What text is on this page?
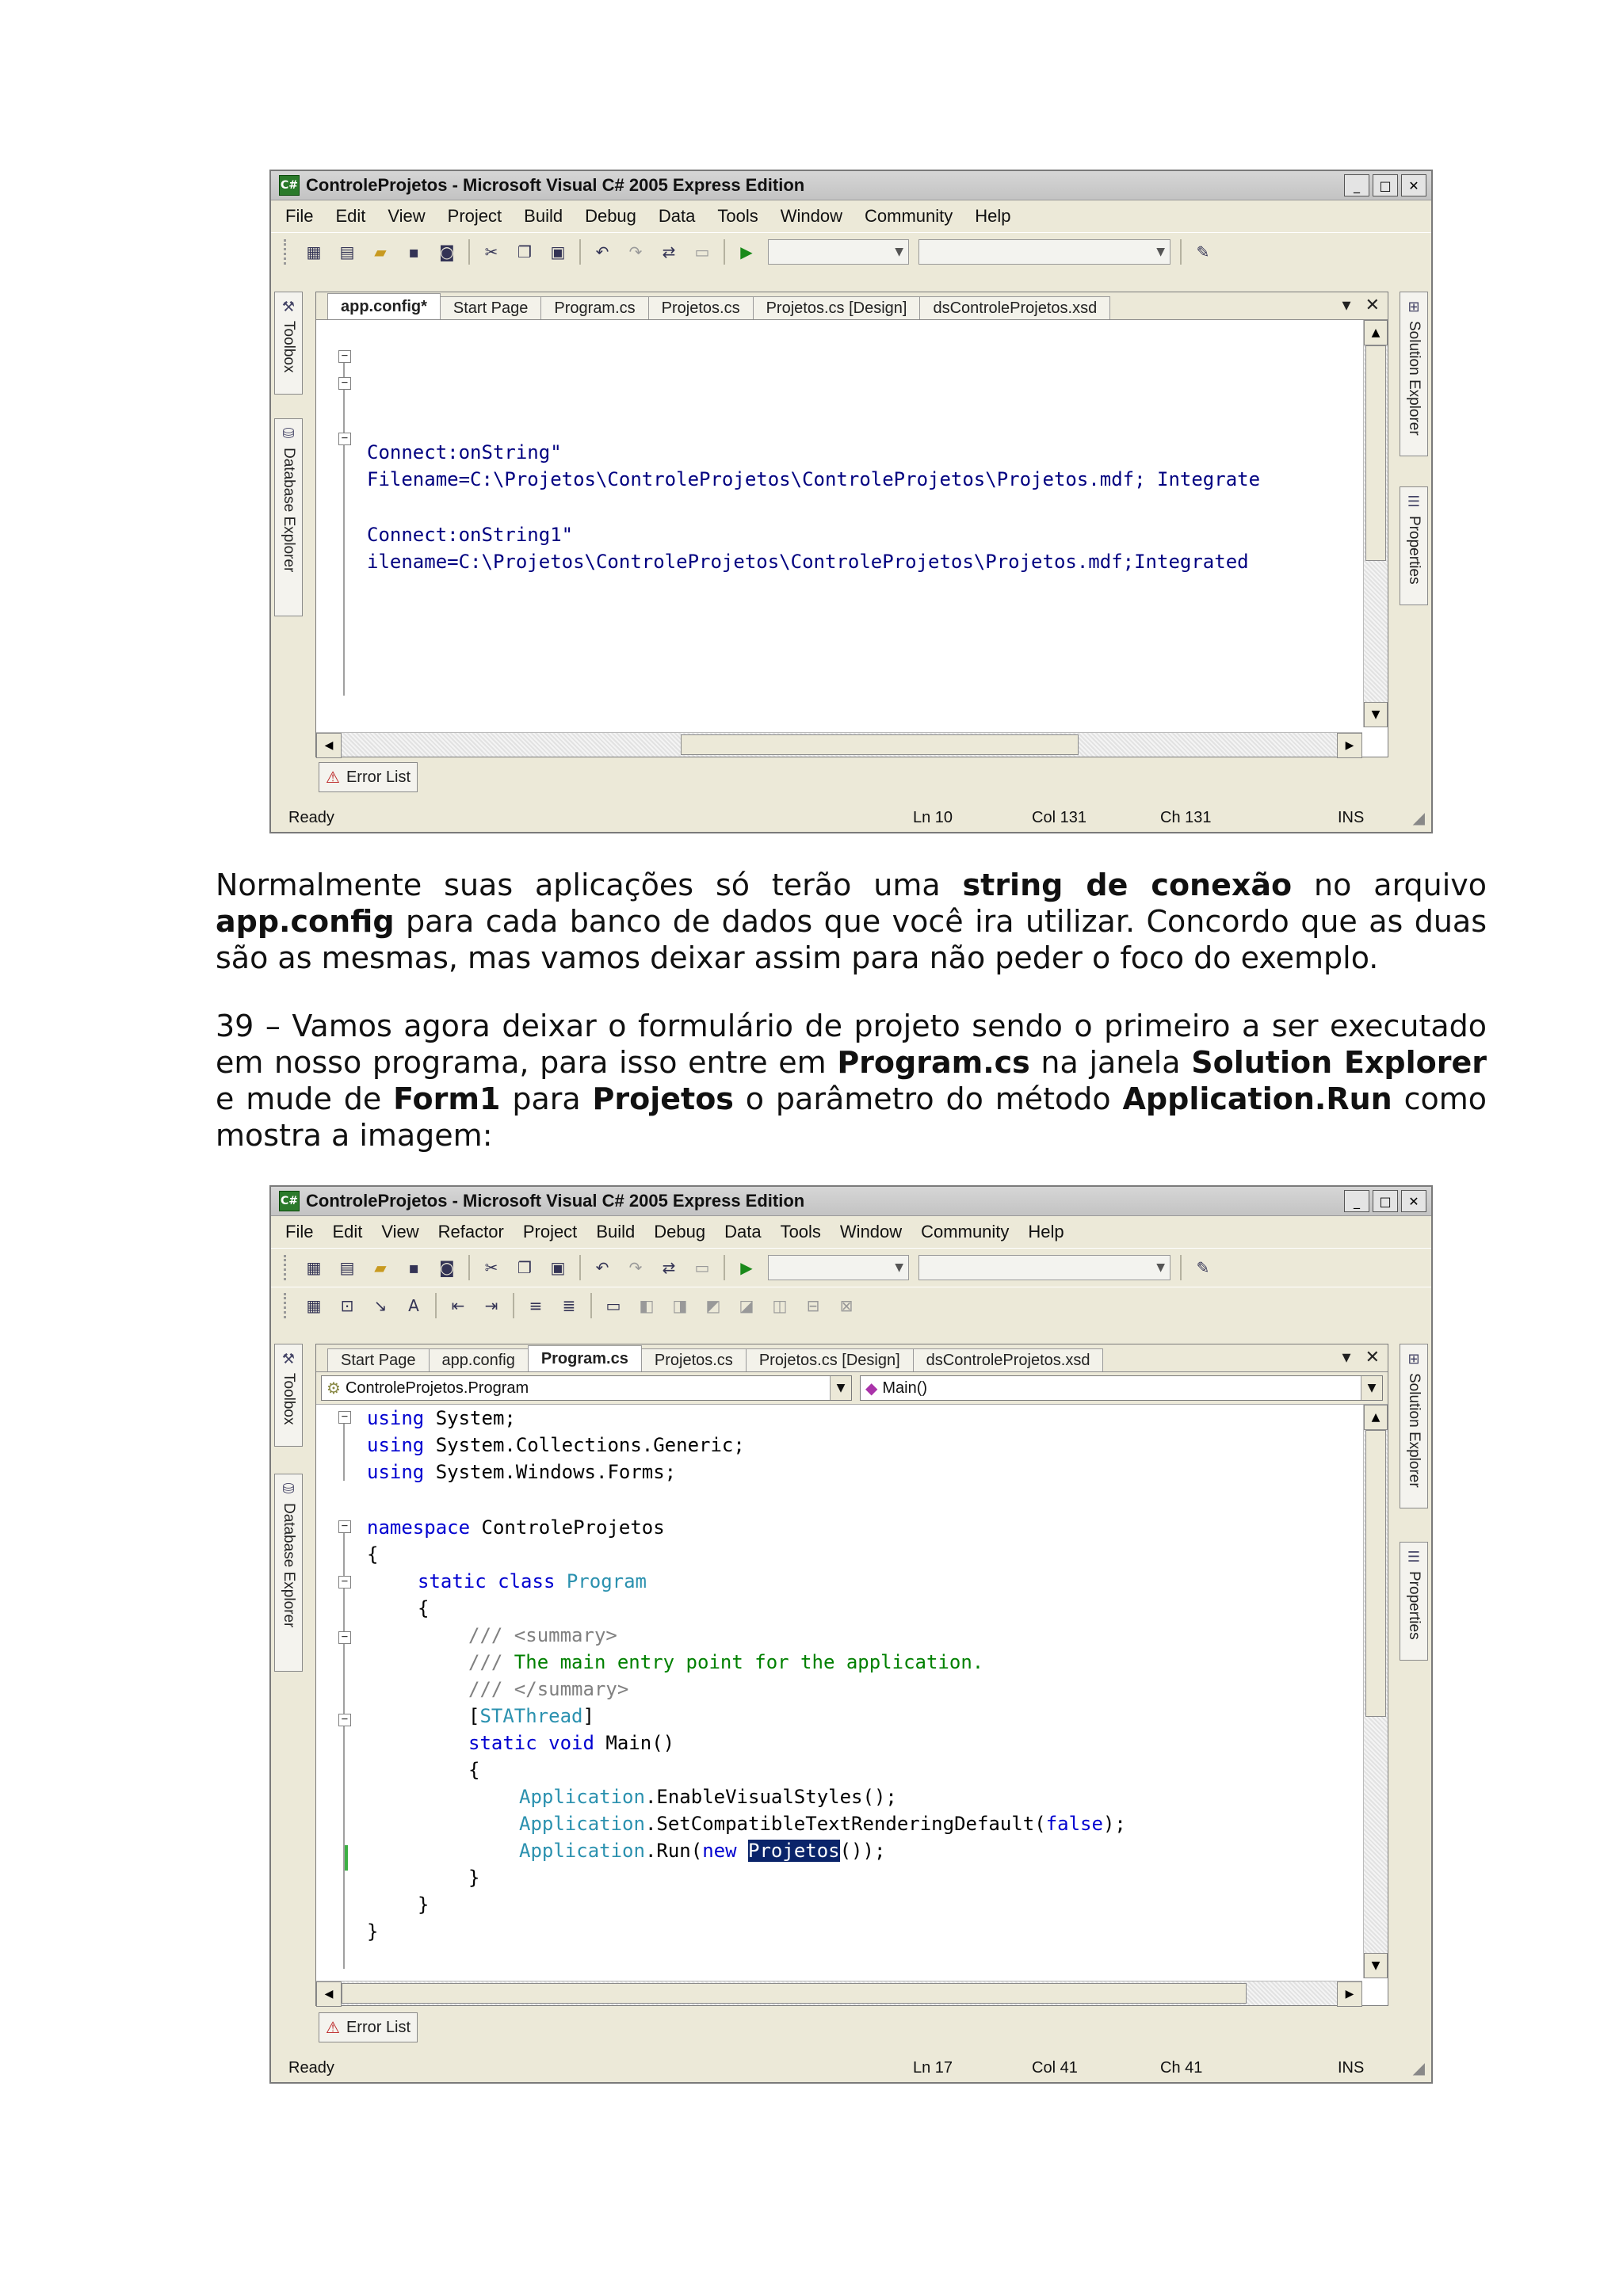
C# ControleProjetos - Microsoft Visual C# 2005 Express Edition	_	□	✕
File Edit View Project Build Debug Data Tools Window Community Help
▦ ▤	▰	▪	◙	✂	❐	▣	↶	↷	⇄	▭	▶	▼	▼	✎
⚒
Toolbox
⛁
Database Explorer
⊞
Solution Explorer
☰
Properties
app.config*	Start Page	Program.cs	Projetos.cs	Projetos.cs [Design]	dsControleProjetos.xsd	▾ ✕

−

−

−

Connect:onString"

Filename=C:\Projetos\ControleProjetos\ControleProjetos\Projetos.mdf; Integrate

Connect:onString1"

ilename=C:\Projetos\ControleProjetos\ControleProjetos\Projetos.mdf;Integrated

▲
▼
◀	▶
⚠ Error List
Ready	Ln 10	Col 131	Ch 131	INS	◢
Normalmente suas aplicações só terão uma string de conexão no arquivo app.config para cada banco de dados que você ira utilizar. Concordo que as duas são as mesmas, mas vamos deixar assim para não peder o foco do exemplo.
39 – Vamos agora deixar o formulário de projeto sendo o primeiro a ser executado em nosso programa, para isso entre em Program.cs na janela Solution Explorer e mude de Form1 para Projetos o parâmetro do método Application.Run como mostra a imagem:
C# ControleProjetos - Microsoft Visual C# 2005 Express Edition	_	□	✕
File Edit View Refactor Project Build Debug Data Tools Window Community Help
▦ ▤	▰	▪	◙	✂	❐	▣	↶	↷	⇄	▭	▶	▼	▼	✎
▦	⊡	↘	A	⇤	⇥	≡	≣	▭ ◧ ◨ ◩ ◪ ◫	⊟	⊠
⚒
Toolbox
⛁
Database Explorer
⊞
Solution Explorer
☰
Properties
Start Page	app.config	Program.cs	Projetos.cs	Projetos.cs [Design]	dsControleProjetos.xsd	▾ ✕
⚙ ControleProjetos.Program	▼	◆ Main()	▼

−

−

−

−

−

using System;

using System.Collections.Generic;

using System.Windows.Forms;

namespace ControleProjetos

{

static class Program

{

/// <summary>

/// The main entry point for the application.

/// </summary>

[STAThread]

static void Main()

{

Application.EnableVisualStyles();

Application.SetCompatibleTextRenderingDefault(false);

Application.Run(new Projetos());

}

}

}

▲
▼
◀	▶
⚠ Error List
Ready	Ln 17	Col 41	Ch 41	INS	◢
